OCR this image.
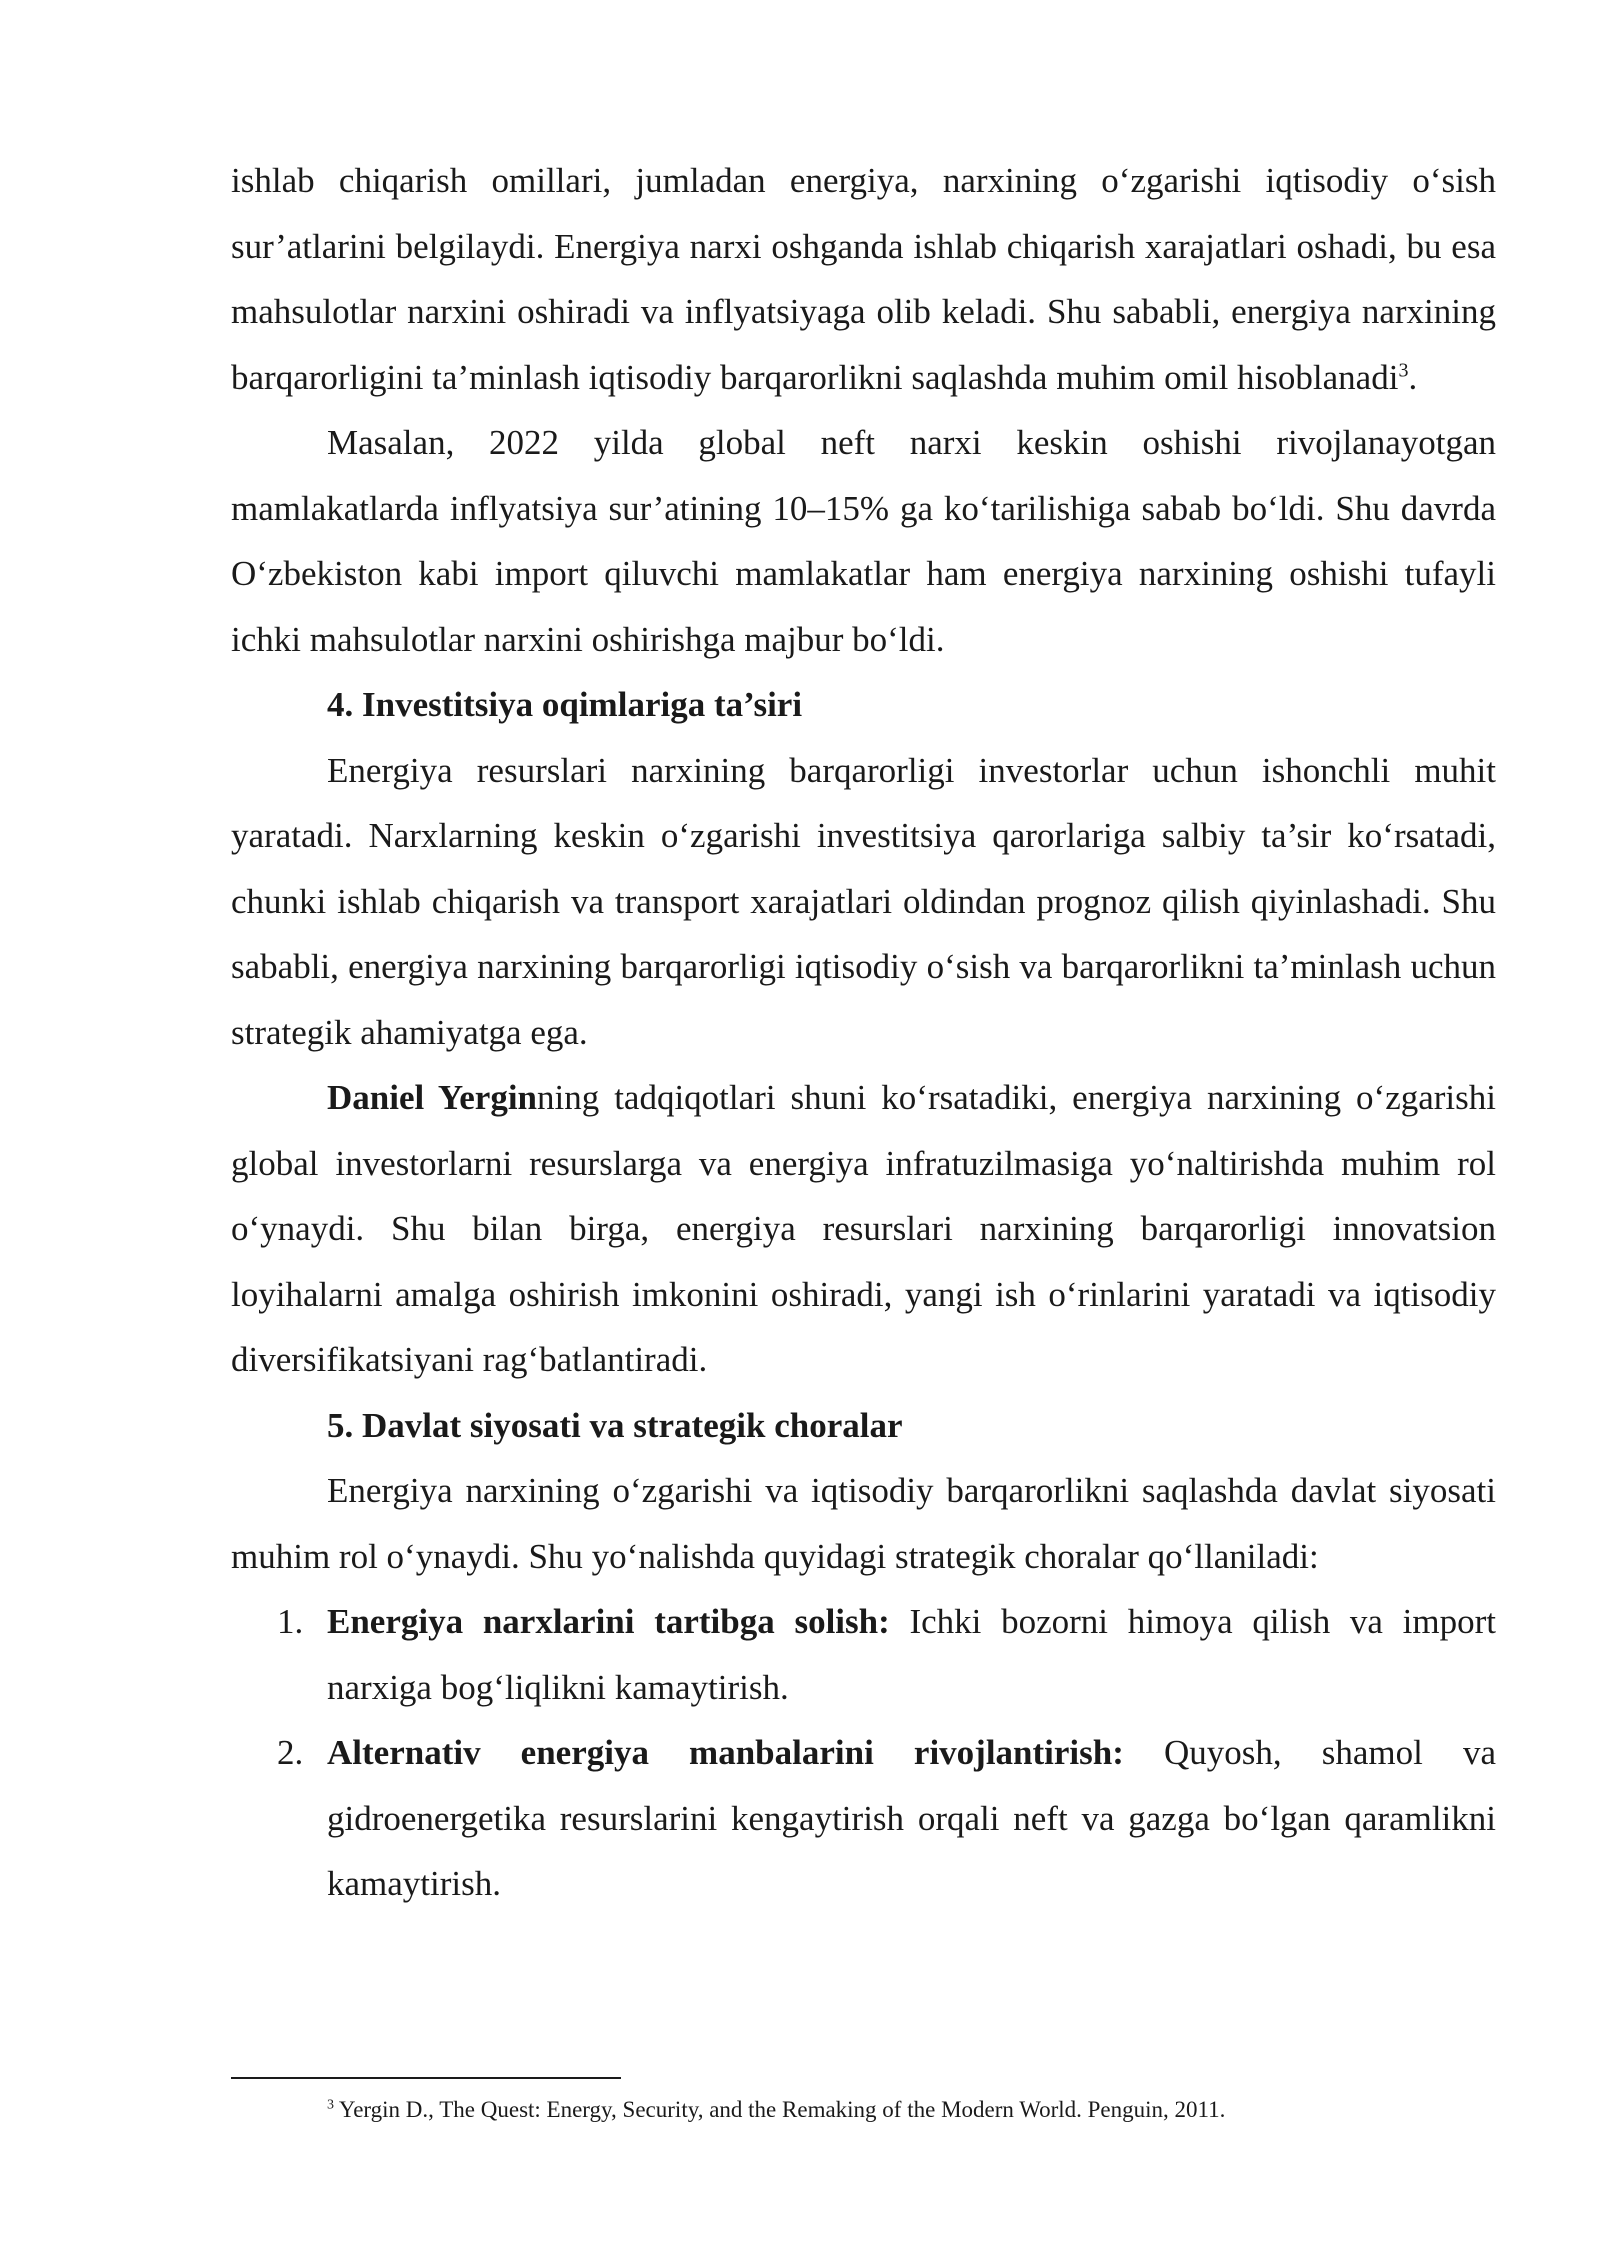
ishlab chiqarish omillari, jumladan energiya, narxining o‘zgarishi iqtisodiy o‘sish sur’atlarini belgilaydi. Energiya narxi oshganda ishlab chiqarish xarajatlari oshadi, bu esa mahsulotlar narxini oshiradi va inflyatsiyaga olib keladi. Shu sababli, energiya narxining barqarorligini ta’minlash iqtisodiy barqarorlikni saqlashda muhim omil hisoblanadi$^3$.

Masalan, 2022 yilda global neft narxi keskin oshishi rivojlanayotgan mamlakatlarda inflyatsiya sur’atining 10–15% ga ko‘tarilishiga sabab bo‘ldi. Shu davrda O‘zbekiston kabi import qiluvchi mamlakatlar ham energiya narxining oshishi tufayli ichki mahsulotlar narxini oshirishga majbur bo‘ldi.

4. Investitsiya oqimlariga ta’siri

Energiya resurslari narxining barqarorligi investorlar uchun ishonchli muhit yaratadi. Narxlarning keskin o‘zgarishi investitsiya qarorlariga salbiy ta’sir ko‘rsatadi, chunki ishlab chiqarish va transport xarajatlari oldindan prognoz qilish qiyinlashadi. Shu sababli, energiya narxining barqarorligi iqtisodiy o‘sish va barqarorlikni ta’minlash uchun strategik ahamiyatga ega.

Daniel Yerginning tadqiqotlari shuni ko‘rsatadiki, energiya narxining o‘zgarishi global investorlarni resurslarga va energiya infratuzilmasiga yo‘naltirishda muhim rol o‘ynaydi. Shu bilan birga, energiya resurslari narxining barqarorligi innovatsion loyihalarni amalga oshirish imkonini oshiradi, yangi ish o‘rinlarini yaratadi va iqtisodiy diversifikatsiyani rag‘batlantiradi.

5. Davlat siyosati va strategik choralar

Energiya narxining o‘zgarishi va iqtisodiy barqarorlikni saqlashda davlat siyosati muhim rol o‘ynaydi. Shu yo‘nalishda quyidagi strategik choralar qo‘llaniladi:

1. Energiya narxlarini tartibga solish: Ichki bozorni himoya qilish va import narxiga bog‘liqlikni kamaytirish.
2. Alternativ energiya manbalarini rivojlantirish: Quyosh, shamol va gidroenergetika resurslarini kengaytirish orqali neft va gazga bo‘lgan qaramlikni kamaytirish.
$^3$ Yergin D., The Quest: Energy, Security, and the Remaking of the Modern World. Penguin, 2011.
